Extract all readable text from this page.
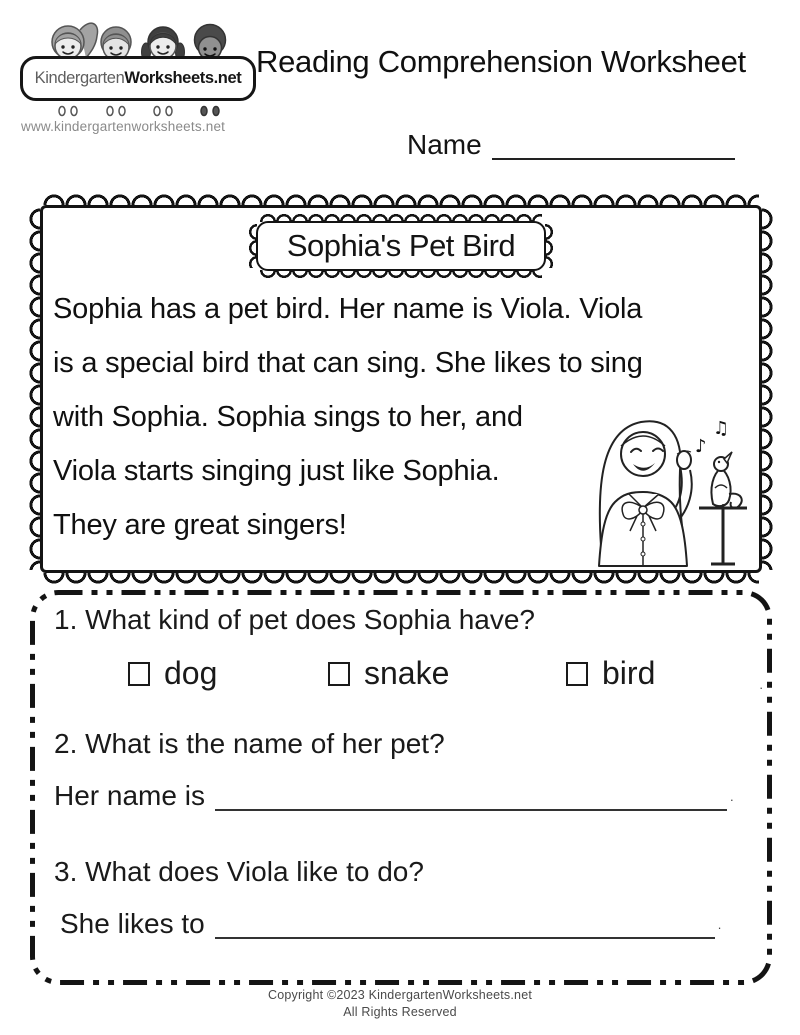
Kindergarten Worksheets.net
www.kindergartenworksheets.net
Reading Comprehension Worksheet
Name
Sophia's Pet Bird
Sophia has a pet bird. Her name is Viola. Viola
is a special bird that can sing. She likes to sing
with Sophia. Sophia sings to her, and
Viola starts singing just like Sophia.
They are great singers!
♪
♫
1. What kind of pet does Sophia have?
dog	snake	bird	.
2. What is the name of her pet?
Her name is	.
3. What does Viola like to do?
She likes to	.
Copyright ©2023 KindergartenWorksheets.net
All Rights Reserved
